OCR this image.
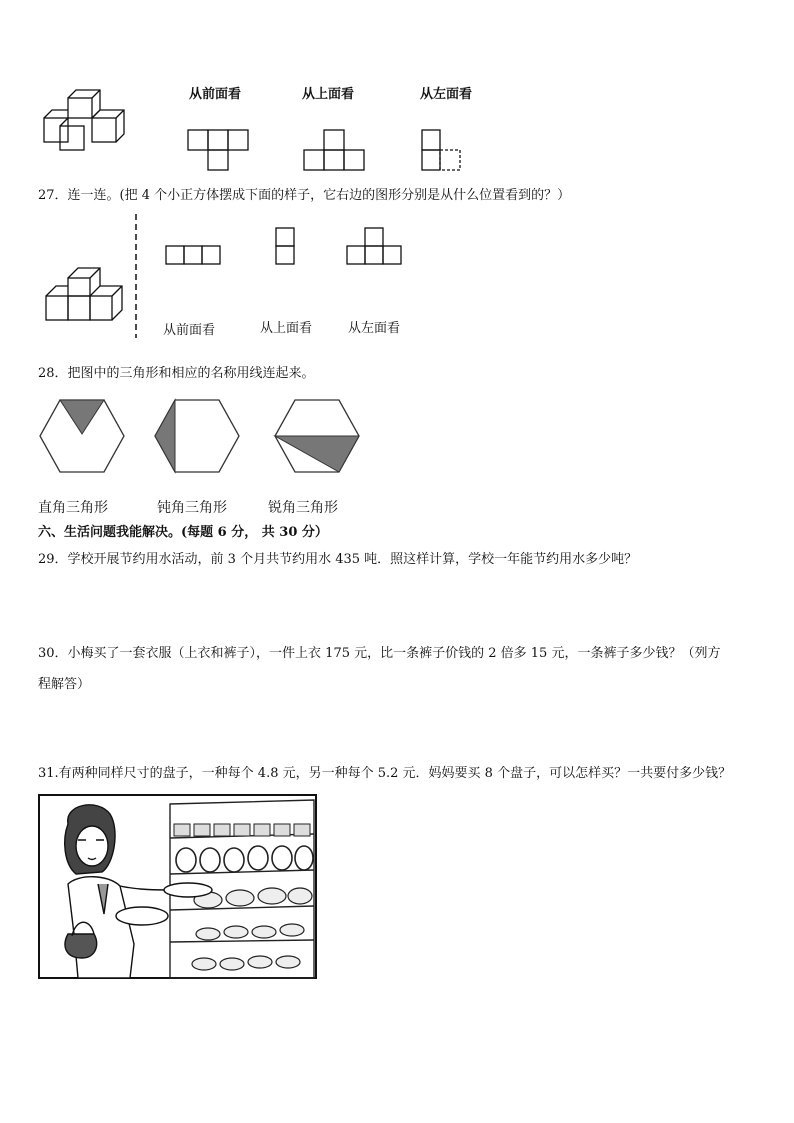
从前面看	从上面看	从左面看
27．连一连。(把 4 个小正方体摆成下面的样子，它右边的图形分别是从什么位置看到的？）
从前面看	从上面看	从左面看
28．把图中的三角形和相应的名称用线连起来。
直角三角形	钝角三角形	锐角三角形
六、生活问题我能解决。(每题 6 分， 共 30 分）
29．学校开展节约用水活动，前 3 个月共节约用水 435 吨．照这样计算，学校一年能节约用水多少吨？
30．小梅买了一套衣服（上衣和裤子），一件上衣 175 元，比一条裤子价钱的 2 倍多 15 元，一条裤子多少钱？（列方
程解答）
31.有两种同样尺寸的盘子，一种每个 4.8 元，另一种每个 5.2 元．妈妈要买 8 个盘子，可以怎样买？一共要付多少钱？
